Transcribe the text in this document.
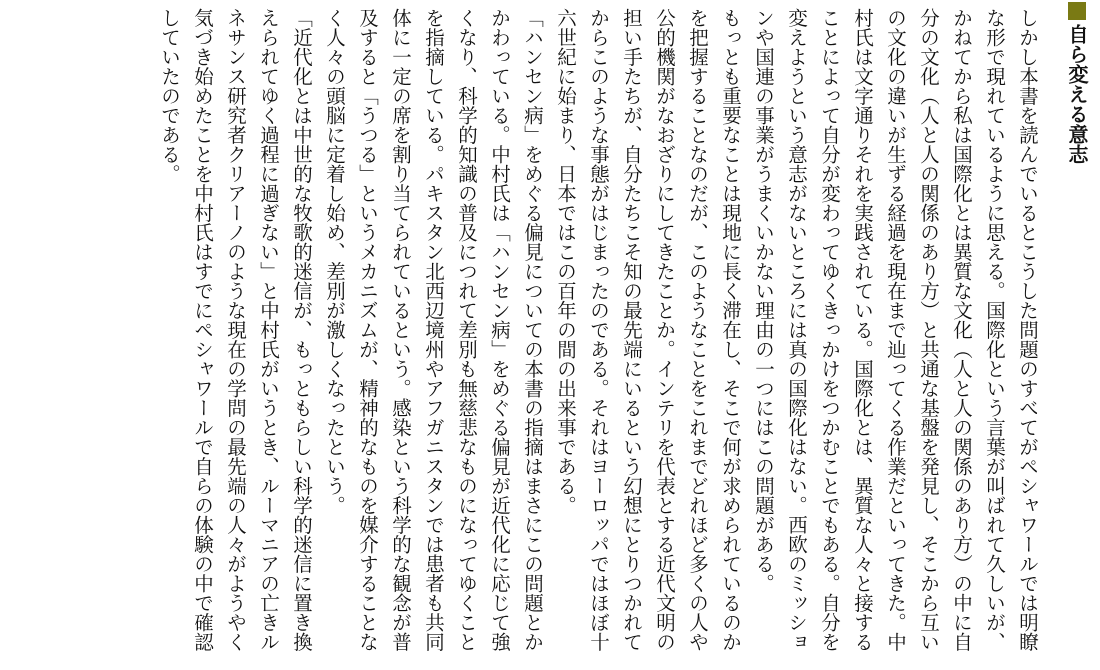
自ら変える意志

しかし本書を読んでいるとこうした問題のすべてがペシャワールでは明瞭な形で現れているように思える。国際化という言葉が叫ばれて久しいが、かねてから私は国際化とは異質な文化（人と人の関係のあり方）の中に自分の文化（人と人の関係のあり方）と共通な基盤を発見し、そこから互いの文化の違いが生ずる経過を現在まで辿ってくる作業だといってきた。中村氏は文字通りそれを実践されている。国際化とは、異質な人々と接することによって自分が変わってゆくきっかけをつかむことでもある。自分を変えようという意志がないところには真の国際化はない。西欧のミッションや国連の事業がうまくいかない理由の一つにはこの問題がある。

もっとも重要なことは現地に長く滞在し、そこで何が求められているのかを把握することなのだが、このようなことをこれまでどれほど多くの人や公的機関がなおざりにしてきたことか。インテリを代表とする近代文明の担い手たちが、自分たちこそ知の最先端にいるという幻想にとりつかれてからこのような事態がはじまったのである。それはヨーロッパではほぼ十六世紀に始まり、日本ではこの百年の間の出来事である。

「ハンセン病」をめぐる偏見についての本書の指摘はまさにこの問題とかかわっている。中村氏は「ハンセン病」をめぐる偏見が近代化に応じて強くなり、科学的知識の普及につれて差別も無慈悲なものになってゆくことを指摘している。パキスタン北西辺境州やアフガニスタンでは患者も共同体に一定の席を割り当てられているという。感染という科学的な観念が普及すると「うつる」というメカニズムが、精神的なものを媒介することなく人々の頭脳に定着し始め、差別が激しくなったという。

「近代化とは中世的な牧歌的迷信が、もっともらしい科学的迷信に置き換えられてゆく過程に過ぎない」と中村氏がいうとき、ルーマニアの亡きルネサンス研究者クリアーノのような現在の学問の最先端の人々がようやく気づき始めたことを中村氏はすでにペシャワールで自らの体験の中で確認していたのである。
